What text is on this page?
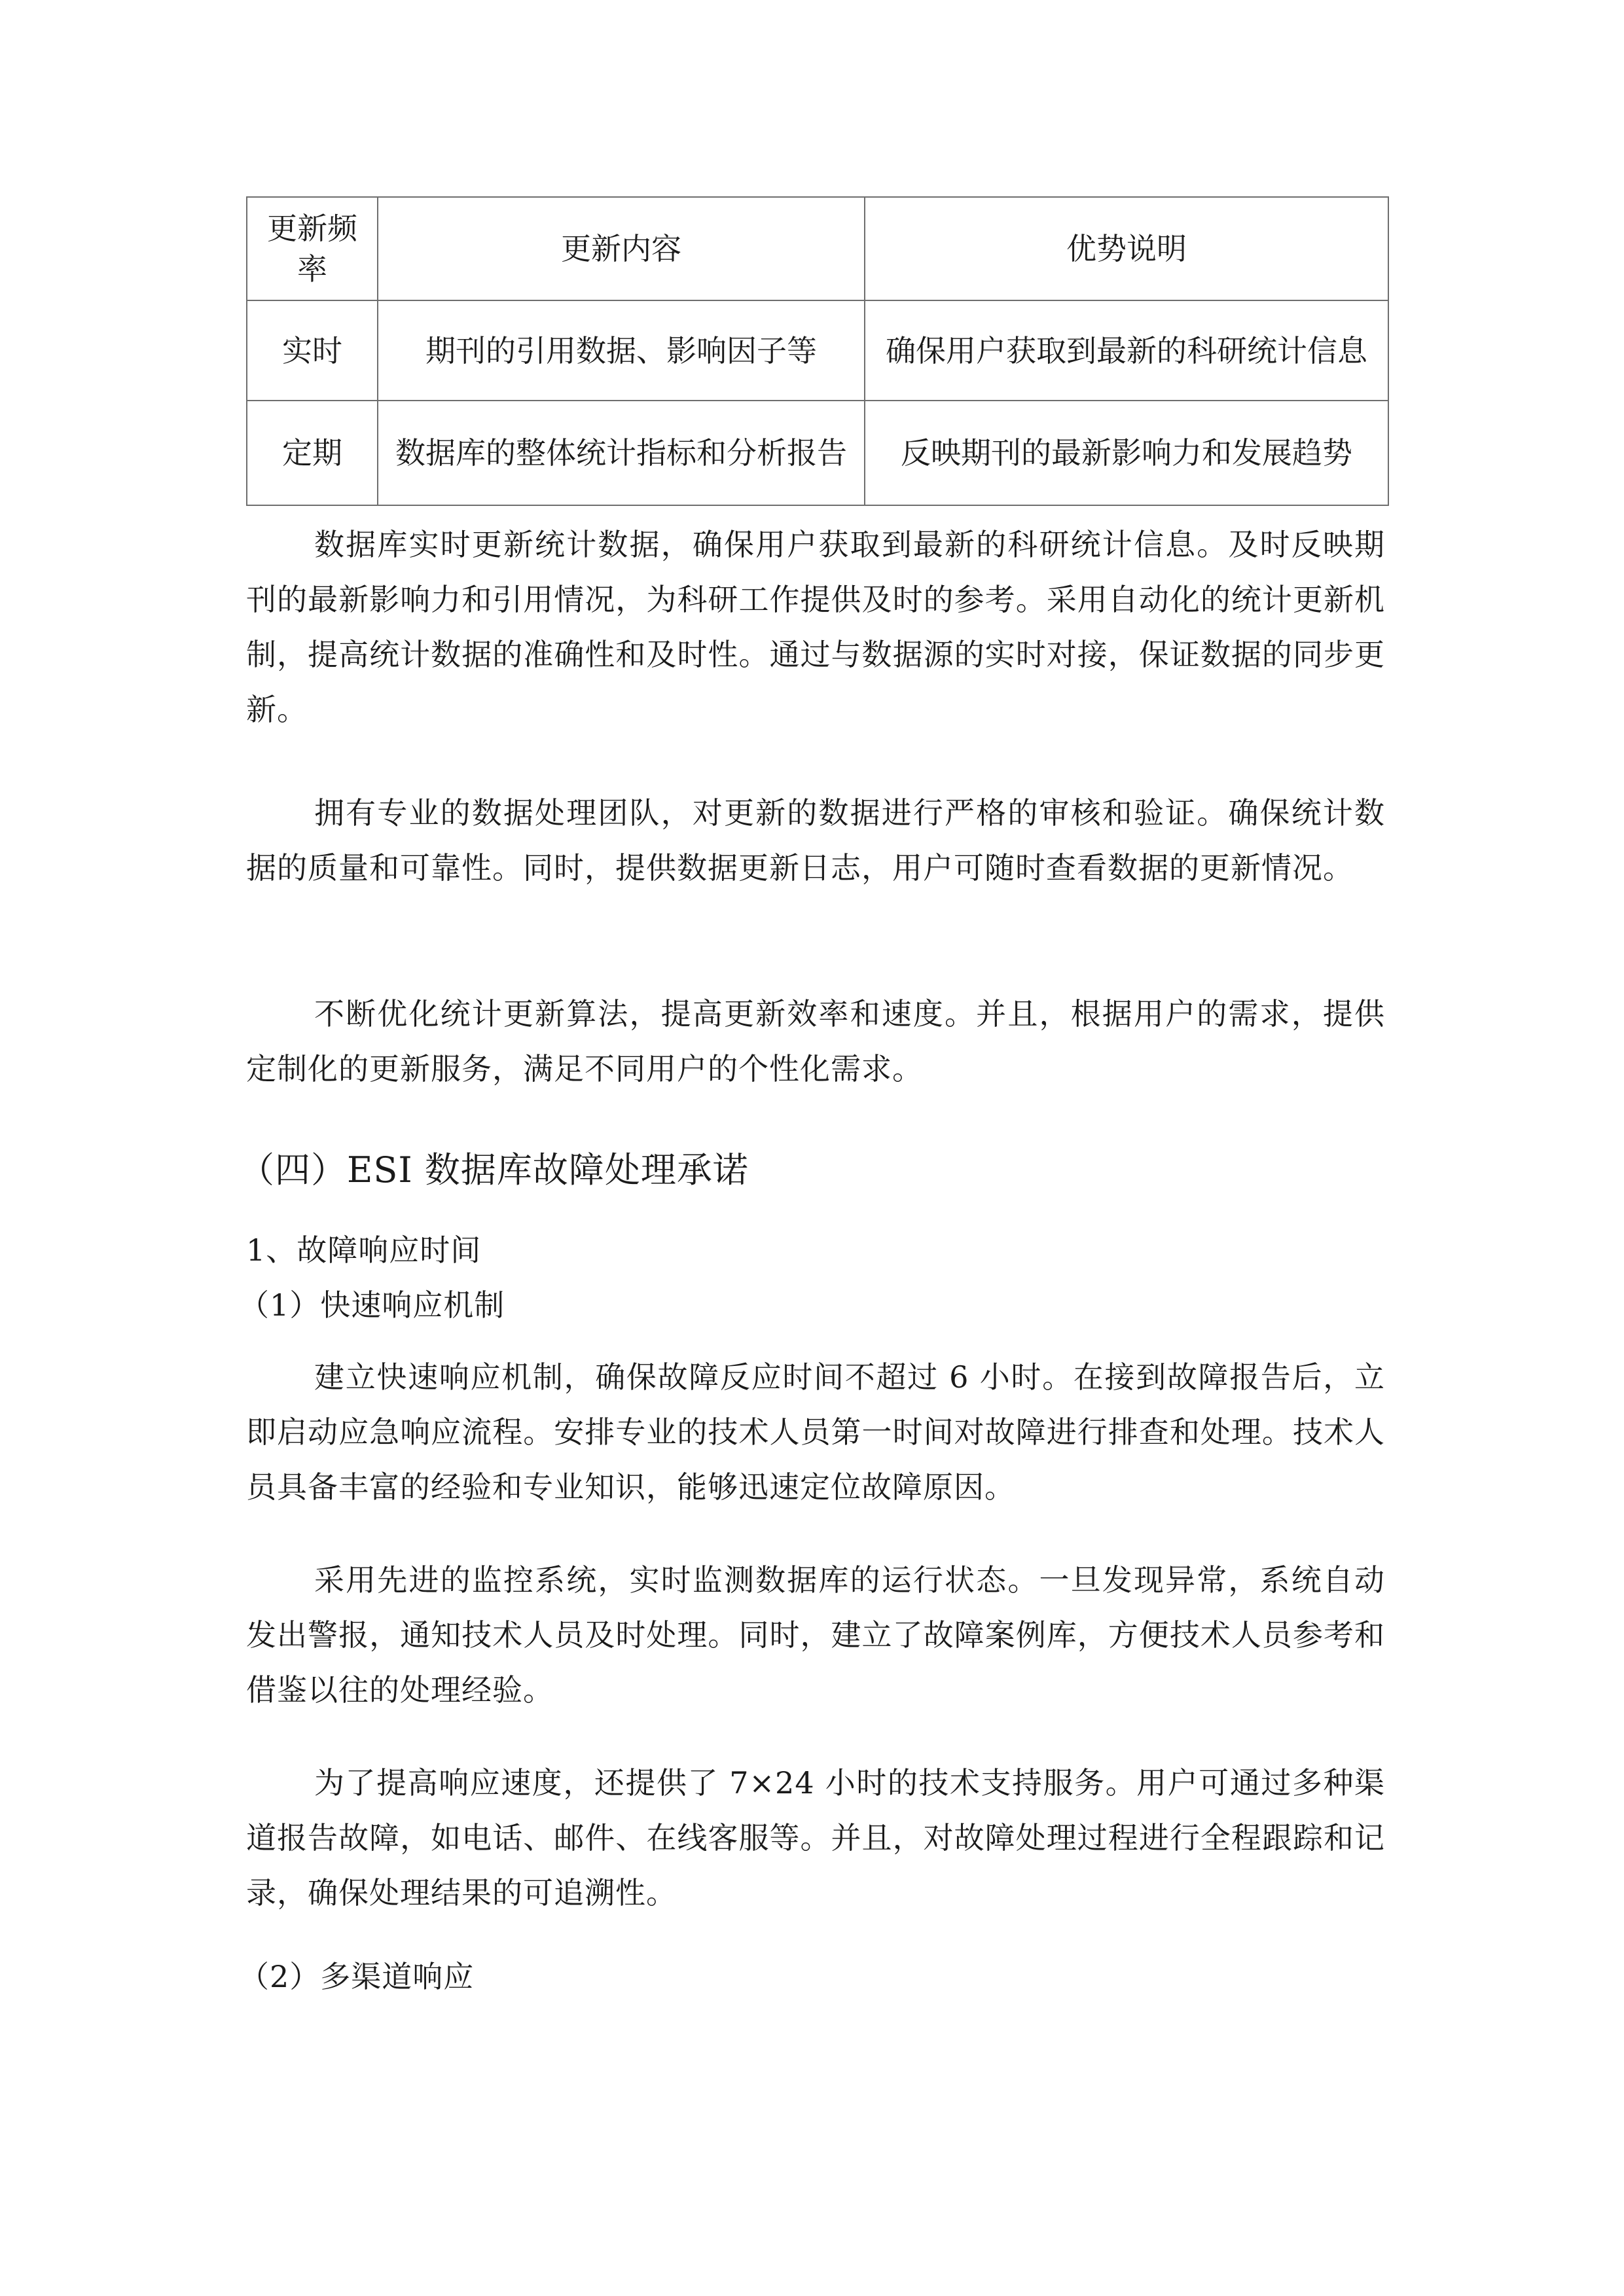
更新频率	更新内容	优势说明
实时	期刊的引用数据、影响因子等	确保用户获取到最新的科研统计信息
定期	数据库的整体统计指标和分析报告	反映期刊的最新影响力和发展趋势

数据库实时更新统计数据，确保用户获取到最新的科研统计信息。及时反映期刊的最新影响力和引用情况，为科研工作提供及时的参考。采用自动化的统计更新机制，提高统计数据的准确性和及时性。通过与数据源的实时对接，保证数据的同步更新。

拥有专业的数据处理团队，对更新的数据进行严格的审核和验证。确保统计数据的质量和可靠性。同时，提供数据更新日志，用户可随时查看数据的更新情况。

不断优化统计更新算法，提高更新效率和速度。并且，根据用户的需求，提供定制化的更新服务，满足不同用户的个性化需求。

（四）ESI 数据库故障处理承诺

1、故障响应时间

（1）快速响应机制

建立快速响应机制，确保故障反应时间不超过 6 小时。在接到故障报告后，立即启动应急响应流程。安排专业的技术人员第一时间对故障进行排查和处理。技术人员具备丰富的经验和专业知识，能够迅速定位故障原因。

采用先进的监控系统，实时监测数据库的运行状态。一旦发现异常，系统自动发出警报，通知技术人员及时处理。同时，建立了故障案例库，方便技术人员参考和借鉴以往的处理经验。

为了提高响应速度，还提供了 7×24 小时的技术支持服务。用户可通过多种渠道报告故障，如电话、邮件、在线客服等。并且，对故障处理过程进行全程跟踪和记录，确保处理结果的可追溯性。

（2）多渠道响应
